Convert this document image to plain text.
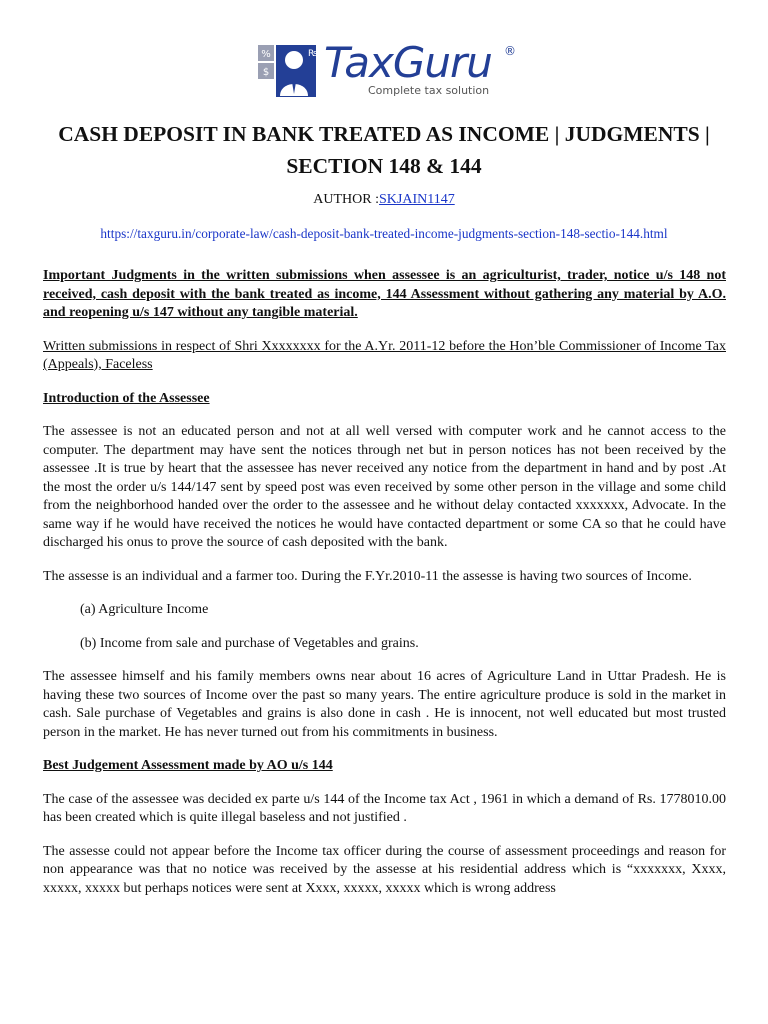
%
$
₨ TaxGuru ®
Complete tax solution
CASH DEPOSIT IN BANK TREATED AS INCOME | JUDGMENTS | SECTION 148 & 144
AUTHOR :SKJAIN1147
https://taxguru.in/corporate-law/cash-deposit-bank-treated-income-judgments-section-148-sectio-144.html

Important Judgments in the written submissions when assessee is an agriculturist, trader, notice u/s 148 not received, cash deposit with the bank treated as income, 144 Assessment without gathering any material by A.O. and reopening u/s 147 without any tangible material.

Written submissions in respect of Shri Xxxxxxxx for the A.Yr. 2011-12 before the Hon’ble Commissioner of Income Tax (Appeals), Faceless

Introduction of the Assessee

The assessee is not an educated person and not at all well versed with computer work and he cannot access to the computer. The department may have sent the notices through net but in person notices has not been received by the assessee .It is true by heart that the assessee has never received any notice from the department in hand and by post .At the most the order u/s 144/147 sent by speed post was even received by some other person in the village and some child from the neighborhood handed over the order to the assessee and he without delay contacted xxxxxxx, Advocate. In the same way if he would have received the notices he would have contacted department or some CA so that he could have discharged his onus to prove the source of cash deposited with the bank.

The assesse is an individual and a farmer too. During the F.Yr.2010-11 the assesse is having two sources of Income.

(a) Agriculture Income

(b) Income from sale and purchase of Vegetables and grains.

The assessee himself and his family members owns near about 16 acres of Agriculture Land in Uttar Pradesh. He is having these two sources of Income over the past so many years. The entire agriculture produce is sold in the market in cash. Sale purchase of Vegetables and grains is also done in cash . He is innocent, not well educated but most trusted person in the market. He has never turned out from his commitments in business.

Best Judgement Assessment made by AO u/s 144

The case of the assessee was decided ex parte u/s 144 of the Income tax Act , 1961 in which a demand of Rs. 1778010.00 has been created which is quite illegal baseless and not justified .

The assesse could not appear before the Income tax officer during the course of assessment proceedings and reason for non appearance was that no notice was received by the assesse at his residential address which is “xxxxxxx, Xxxx, xxxxx, xxxxx but perhaps notices were sent at Xxxx, xxxxx, xxxxx which is wrong address
